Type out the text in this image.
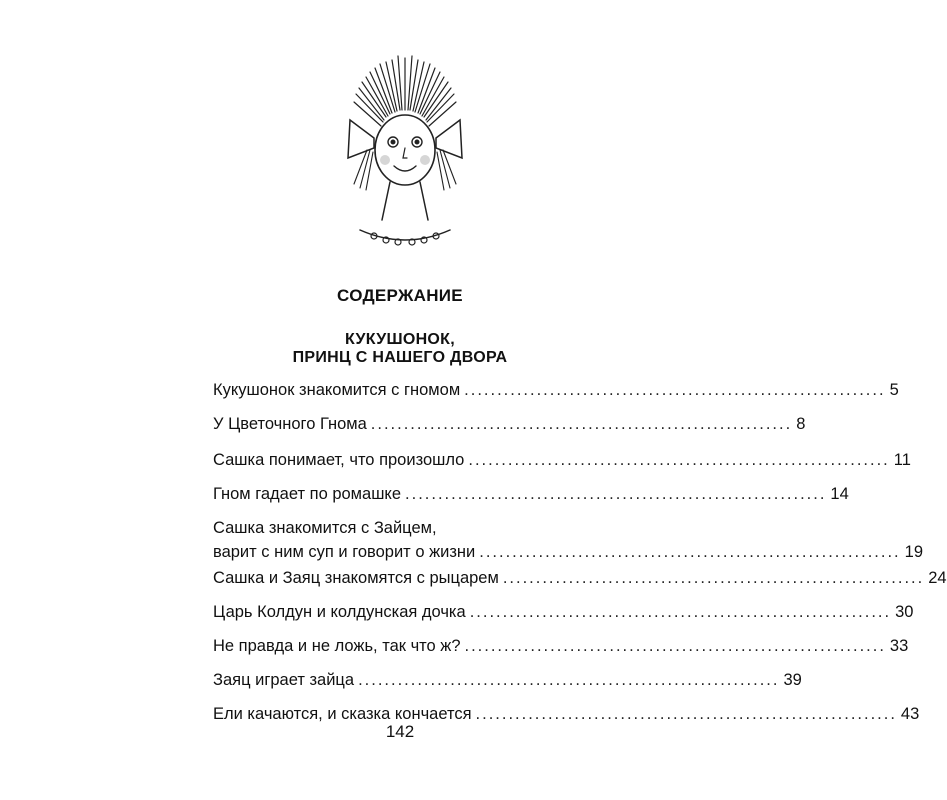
СОДЕРЖАНИЕ
КУКУШОНОК,
ПРИНЦ С НАШЕГО ДВОРА
Кукушонок знакомится с гномом ................................................................ 5
У Цветочного Гнома ................................................................ 8
Сашка понимает, что произошло ................................................................ 11
Гном гадает по ромашке ................................................................ 14
Сашка знакомится с Зайцем,
варит с ним суп и говорит о жизни ................................................................ 19
Сашка и Заяц знакомятся с рыцарем ................................................................ 24
Царь Колдун и колдунская дочка ................................................................ 30
Не правда и не ложь, так что ж? ................................................................ 33
Заяц играет зайца ................................................................ 39
Ели качаются, и сказка кончается ................................................................ 43
142
